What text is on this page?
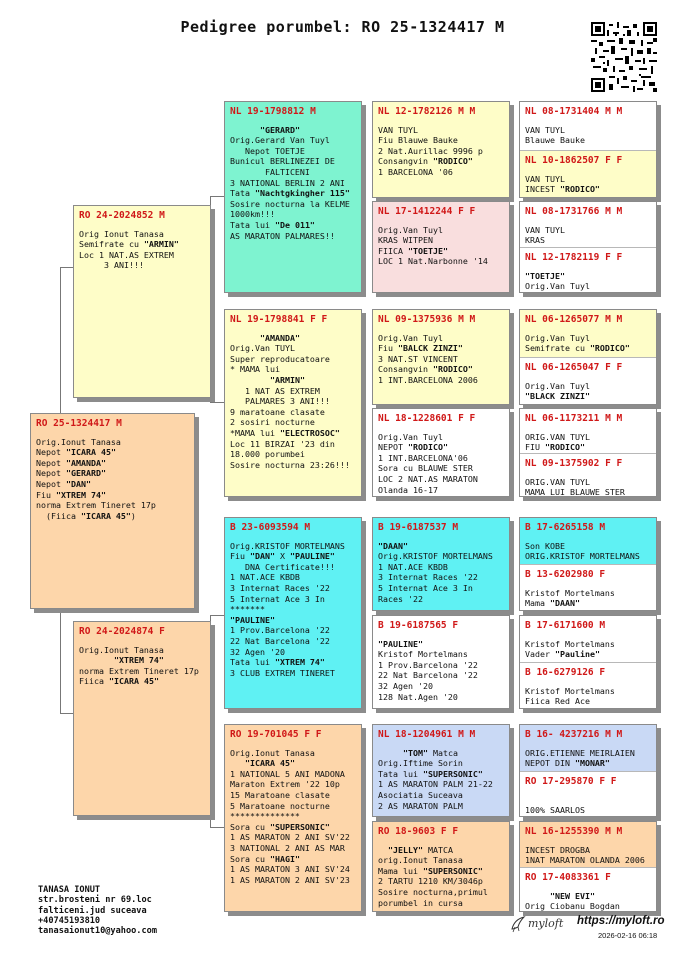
Pedigree porumbel: RO 25-1324417 M
RO 25-1324417 M
Orig.Ionut Tanasa
Nepot "ICARA 45"
Nepot "AMANDA"
Nepot "GERARD"
Nepot "DAN"
Fiu "XTREM 74"
norma Extrem Tineret 17p
(Fiica "ICARA 45")
RO 24-2024852 M
Orig Ionut Tanasa
Semifrate cu "ARMIN"
Loc 1 NAT.AS EXTREM
3 ANI!!!
RO 24-2024874 F
Orig.Ionut Tanasa
"XTREM 74"
norma Extrem Tineret 17p
Fiica "ICARA 45"
NL 19-1798812 M
"GERARD"
Orig.Gerard Van Tuyl
Nepot TOETJE
Bunicul BERLINEZEI DE
FALTICENI
3 NATIONAL BERLIN 2 ANI
Tata "Nachtgkingher 115"
Sosire nocturna la KELME
1000km!!!
Tata lui "De 011"
AS MARATON PALMARES!!
NL 19-1798841 F F
"AMANDA"
Orig.Van TUYL
Super reproducatoare
* MAMA lui
"ARMIN"
1 NAT AS EXTREM
PALMARES 3 ANI!!!
9 maratoane clasate
2 sosiri nocturne
*MAMA lui "ELECTROSOC"
Loc 11 BIRZAI '23 din
18.000 porumbei
Sosire nocturna 23:26!!!
B 23-6093594 M
Orig.KRISTOF MORTELMANS
Fiu "DAN" X "PAULINE"
DNA Certificate!!!
1 NAT.ACE KBDB
3 Internat Races '22
5 Internat Ace 3 In
*******
"PAULINE"
1 Prov.Barcelona '22
22 Nat Barcelona '22
32 Agen '20
Tata lui "XTREM 74"
3 CLUB EXTREM TINERET
RO 19-701045 F F
Orig.Ionut Tanasa
"ICARA 45"
1 NATIONAL 5 ANI MADONA
Maraton Extrem '22 10p
15 Maratoane clasate
5 Maratoane nocturne
**************
Sora cu "SUPERSONIC"
1 AS MARATON 2 ANI SV'22
3 NATIONAL 2 ANI AS MAR
Sora cu "HAGI"
1 AS MARATON 3 ANI SV'24
1 AS MARATON 2 ANI SV'23
NL 12-1782126 M M
VAN TUYL
Fiu Blauwe Bauke
2 Nat.Aurillac 9996 p
Consangvin "RODICO"
1 BARCELONA '06
NL 17-1412244 F F
Orig.Van Tuyl
KRAS WITPEN
FIICA "TOETJE"
LOC 1 Nat.Narbonne '14
NL 09-1375936 M M
Orig.Van Tuyl
Fiu "BALCK ZINZI"
3 NAT.ST VINCENT
Consangvin "RODICO"
1 INT.BARCELONA 2006
NL 18-1228601 F F
Orig.Van Tuyl
NEPOT "RODICO"
1 INT.BARCELONA'06
Sora cu BLAUWE STER
LOC 2 NAT.AS MARATON
Olanda 16-17
B 19-6187537 M
"DAAN"
Orig.KRISTOF MORTELMANS
1 NAT.ACE KBDB
3 Internat Races '22
5 Internat Ace 3 In
Races '22
B 19-6187565 F
"PAULINE"
Kristof Mortelmans
1 Prov.Barcelona '22
22 Nat Barcelona '22
32 Agen '20
128 Nat.Agen '20
NL 18-1204961 M M
"TOM" Matca
Orig.Iftime Sorin
Tata lui "SUPERSONIC"
1 AS MARATON PALM 21-22
Asociatia Suceava
2 AS MARATON PALM
RO 18-9603 F F
"JELLY" MATCA
orig.Ionut Tanasa
Mama lui "SUPERSONIC"
2 TARTU 1210 KM/3046p
Sosire nocturna,primul
porumbel in cursa
NL 08-1731404 M M
VAN TUYL
Blauwe Bauke
NL 10-1862507 F F
VAN TUYL
INCEST "RODICO"
NL 08-1731766 M M
VAN TUYL
KRAS
NL 12-1782119 F F
"TOETJE"
Orig.Van Tuyl
NL 06-1265077 M M
Orig.Van Tuyl
Semifrate cu "RODICO"
NL 06-1265047 F F
Orig.Van Tuyl
"BLACK ZINZI"
NL 06-1173211 M M
ORIG.VAN TUYL
FIU "RODICO"
NL 09-1375902 F F
ORIG.VAN TUYL
MAMA LUI BLAUWE STER
B 17-6265158 M
Son KOBE
ORIG.KRISTOF MORTELMANS
B 13-6202980 F
Kristof Mortelmans
Mama "DAAN"
B 17-6171600 M
Kristof Mortelmans
Vader "Pauline"
B 16-6279126 F
Kristof Mortelmans
Fiica Red Ace
B 16- 4237216 M M
ORIG.ETIENNE MEIRLAIEN
NEPOT DIN "MONAR"
RO 17-295870 F F

100% SAARLOS
NL 16-1255390 M M
INCEST DROGBA
1NAT MARATON OLANDA 2006
RO 17-4083361 F
"NEW EVI"
Orig Ciobanu Bogdan
TANASA IONUT
str.brosteni nr 69.loc
falticeni.jud suceava
+40745193810
tanasaionut10@yahoo.com
myloft https://myloft.ro
2026-02-16 06:18
